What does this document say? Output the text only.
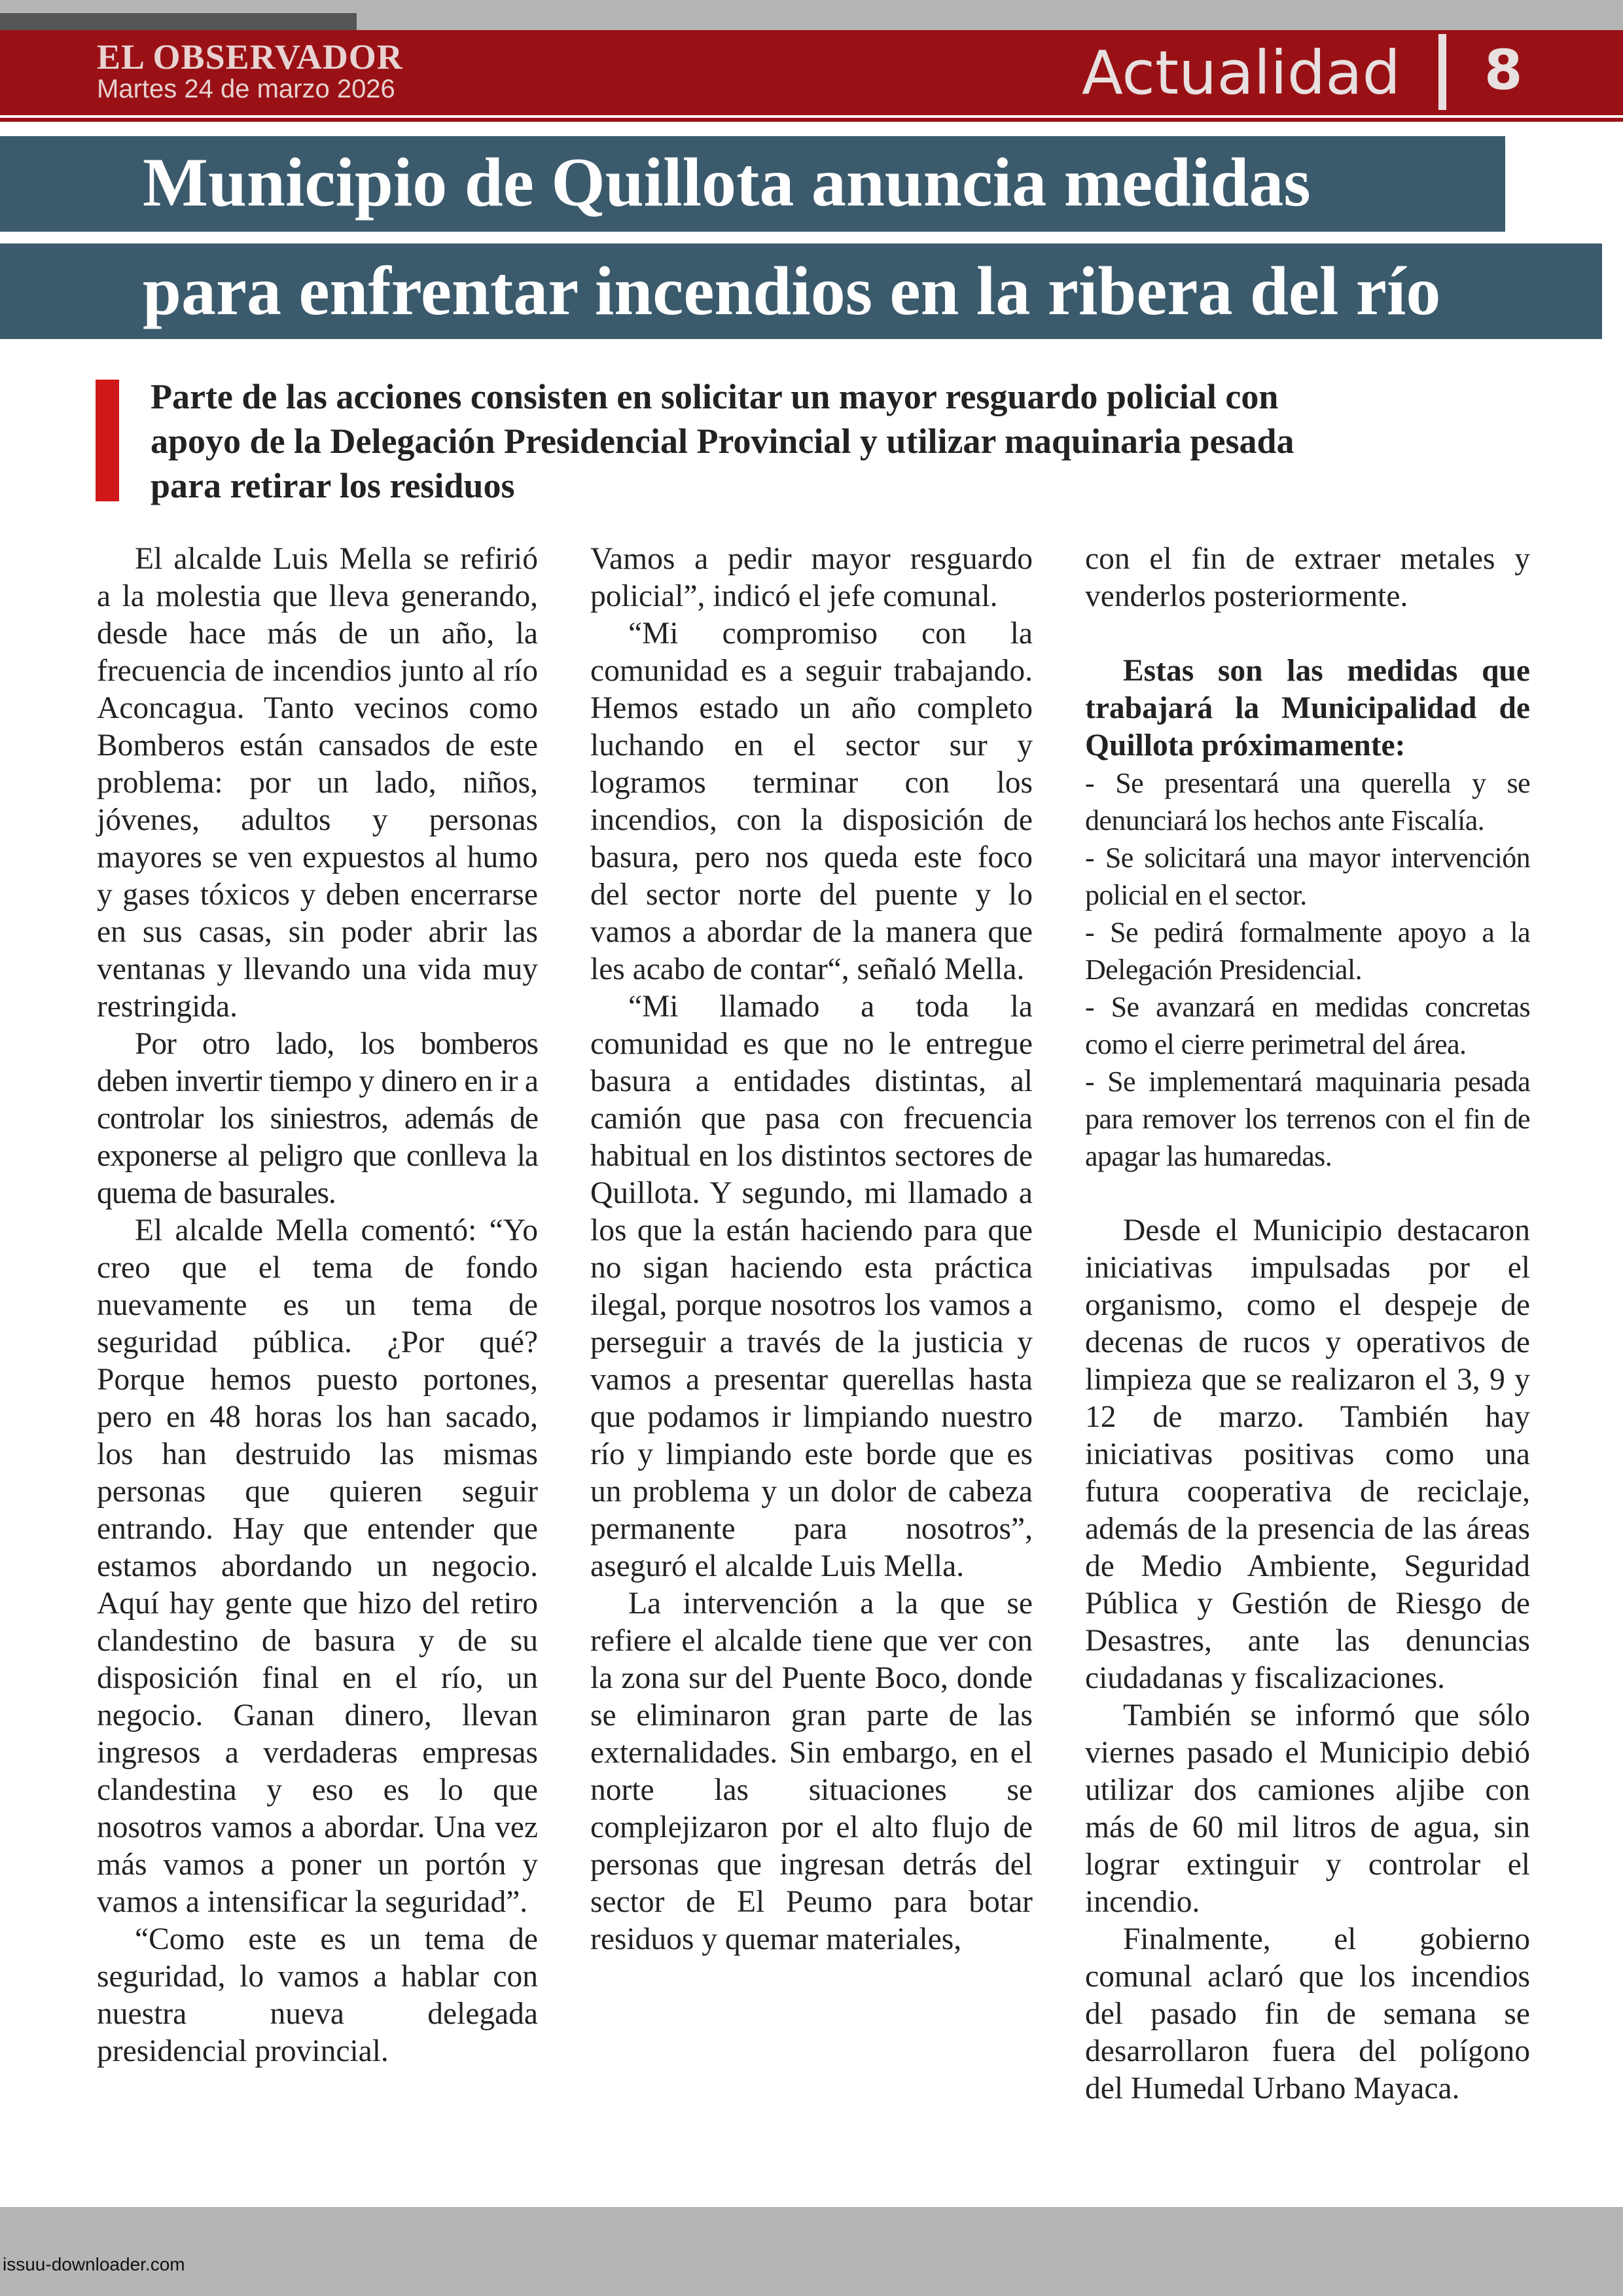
EL OBSERVADOR
Martes 24 de marzo 2026	Actualidad 8
Municipio de Quillota anuncia medidas
para enfrentar incendios en la ribera del río
Parte de las acciones consisten en solicitar un mayor resguardo policial con apoyo de la Delegación Presidencial Provincial y utilizar maquinaria pesada para retirar los residuos

El alcalde Luis Mella se refirió a la molestia que lleva generando, desde hace más de un año, la frecuencia de incendios junto al río Aconcagua. Tanto vecinos como Bomberos están cansados de este problema: por un lado, niños, jóvenes, adultos y personas mayores se ven expuestos al humo y gases tóxicos y deben encerrarse en sus casas, sin poder abrir las ventanas y llevando una vida muy restringida.

Por otro lado, los bomberos deben invertir tiempo y dinero en ir a controlar los siniestros, además de exponerse al peligro que conlleva la quema de basurales.

El alcalde Mella comentó: “Yo creo que el tema de fondo nuevamente es un tema de seguridad pública. ¿Por qué? Porque hemos puesto portones, pero en 48 horas los han sacado, los han destruido las mismas personas que quieren seguir entrando. Hay que entender que estamos abordando un negocio. Aquí hay gente que hizo del retiro clandestino de basura y de su disposición final en el río, un negocio. Ganan dinero, llevan ingresos a verdaderas empresas clandestina y eso es lo que nosotros vamos a abordar. Una vez más vamos a poner un portón y vamos a intensificar la seguridad”.

“Como este es un tema de seguridad, lo vamos a hablar con nuestra nueva delegada presidencial provincial.

Vamos a pedir mayor resguardo policial”, indicó el jefe comunal.

“Mi compromiso con la comunidad es a seguir trabajando. Hemos estado un año completo luchando en el sector sur y logramos terminar con los incendios, con la disposición de basura, pero nos queda este foco del sector norte del puente y lo vamos a abordar de la manera que les acabo de contar“, señaló Mella.

“Mi llamado a toda la comunidad es que no le entregue basura a entidades distintas, al camión que pasa con frecuencia habitual en los distintos sectores de Quillota. Y segundo, mi llamado a los que la están haciendo para que no sigan haciendo esta práctica ilegal, porque nosotros los vamos a perseguir a través de la justicia y vamos a presentar querellas hasta que podamos ir limpiando nuestro río y limpiando este borde que es un problema y un dolor de cabeza permanente para nosotros”, aseguró el alcalde Luis Mella.

La intervención a la que se refiere el alcalde tiene que ver con la zona sur del Puente Boco, donde se eliminaron gran parte de las externalidades. Sin embargo, en el norte las situaciones se complejizaron por el alto flujo de personas que ingresan detrás del sector de El Peumo para botar residuos y quemar materiales,

con el fin de extraer metales y venderlos posteriormente.

Estas son las medidas que trabajará la Municipalidad de Quillota próximamente:

- Se presentará una querella y se denunciará los hechos ante Fiscalía.

- Se solicitará una mayor intervención policial en el sector.

- Se pedirá formalmente apoyo a la Delegación Presidencial.

- Se avanzará en medidas concretas como el cierre perimetral del área.

- Se implementará maquinaria pesada para remover los terrenos con el fin de apagar las humaredas.

Desde el Municipio destacaron iniciativas impulsadas por el organismo, como el despeje de decenas de rucos y operativos de limpieza que se realizaron el 3, 9 y 12 de marzo. También hay iniciativas positivas como una futura cooperativa de reciclaje, además de la presencia de las áreas de Medio Ambiente, Seguridad Pública y Gestión de Riesgo de Desastres, ante las denuncias ciudadanas y fiscalizaciones.

También se informó que sólo viernes pasado el Municipio debió utilizar dos camiones aljibe con más de 60 mil litros de agua, sin lograr extinguir y controlar el incendio.

Finalmente, el gobierno comunal aclaró que los incendios del pasado fin de semana se desarrollaron fuera del polígono del Humedal Urbano Mayaca.

issuu-downloader.com
